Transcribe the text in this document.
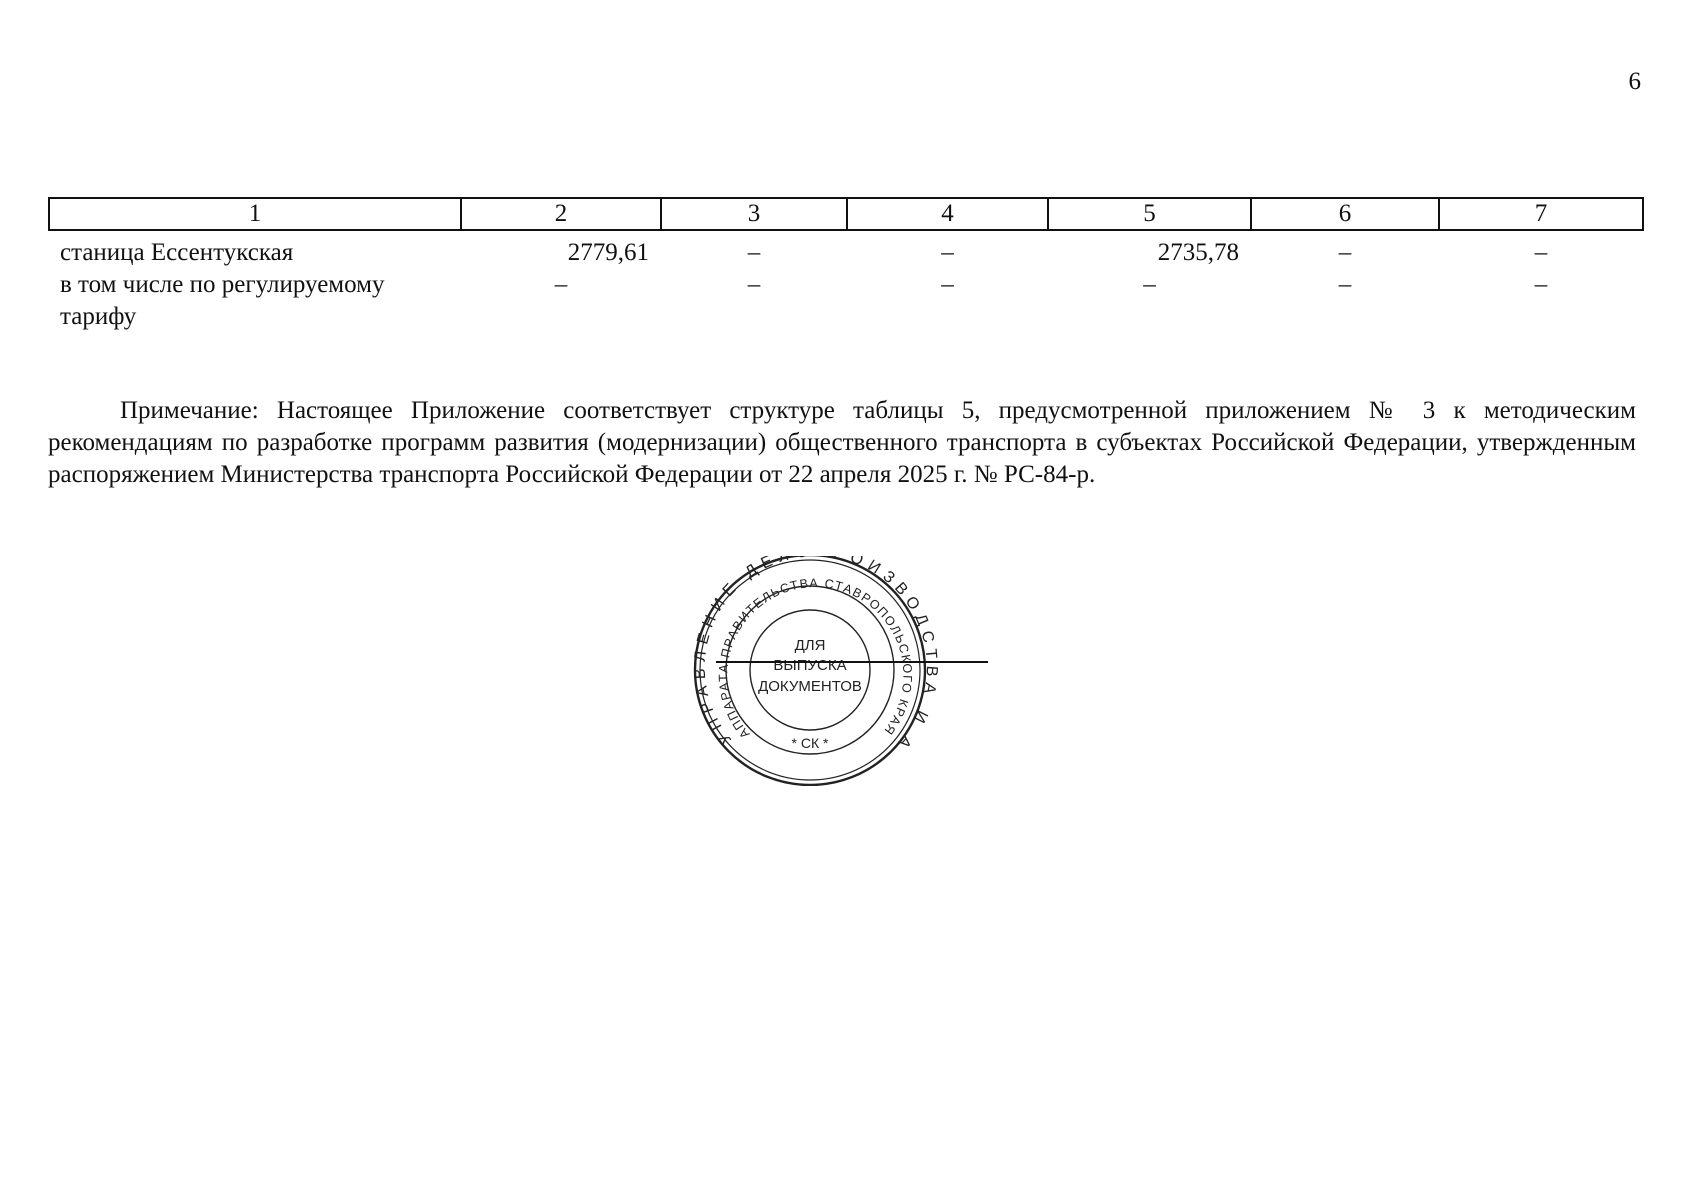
6
1	2	3	4	5	6	7
станица Ессентукская	2779,61	–	–	2735,78	–	–
в том числе по регулируемому тарифу	–	–	–	–	–	–

Примечание: Настоящее Приложение соответствует структуре таблицы 5, предусмотренной приложением № 3 к методическим рекомендациям по разработке программ развития (модернизации) общественного транспорта в субъектах Российской Федерации, утвержденным распоряжением Министерства транспорта Российской Федерации от 22 апреля 2025 г. № РС-84-р.

УПРАВЛЕНИЕ ДЕ ОИЗВОДСТВА И А
АППАРАТА ПРАВИТЕЛЬСТВА СТАВРОПОЛЬСКОГО КРАЯ
ДЛЯ
ВЫПУСКА
ДОКУМЕНТОВ
* СК *
